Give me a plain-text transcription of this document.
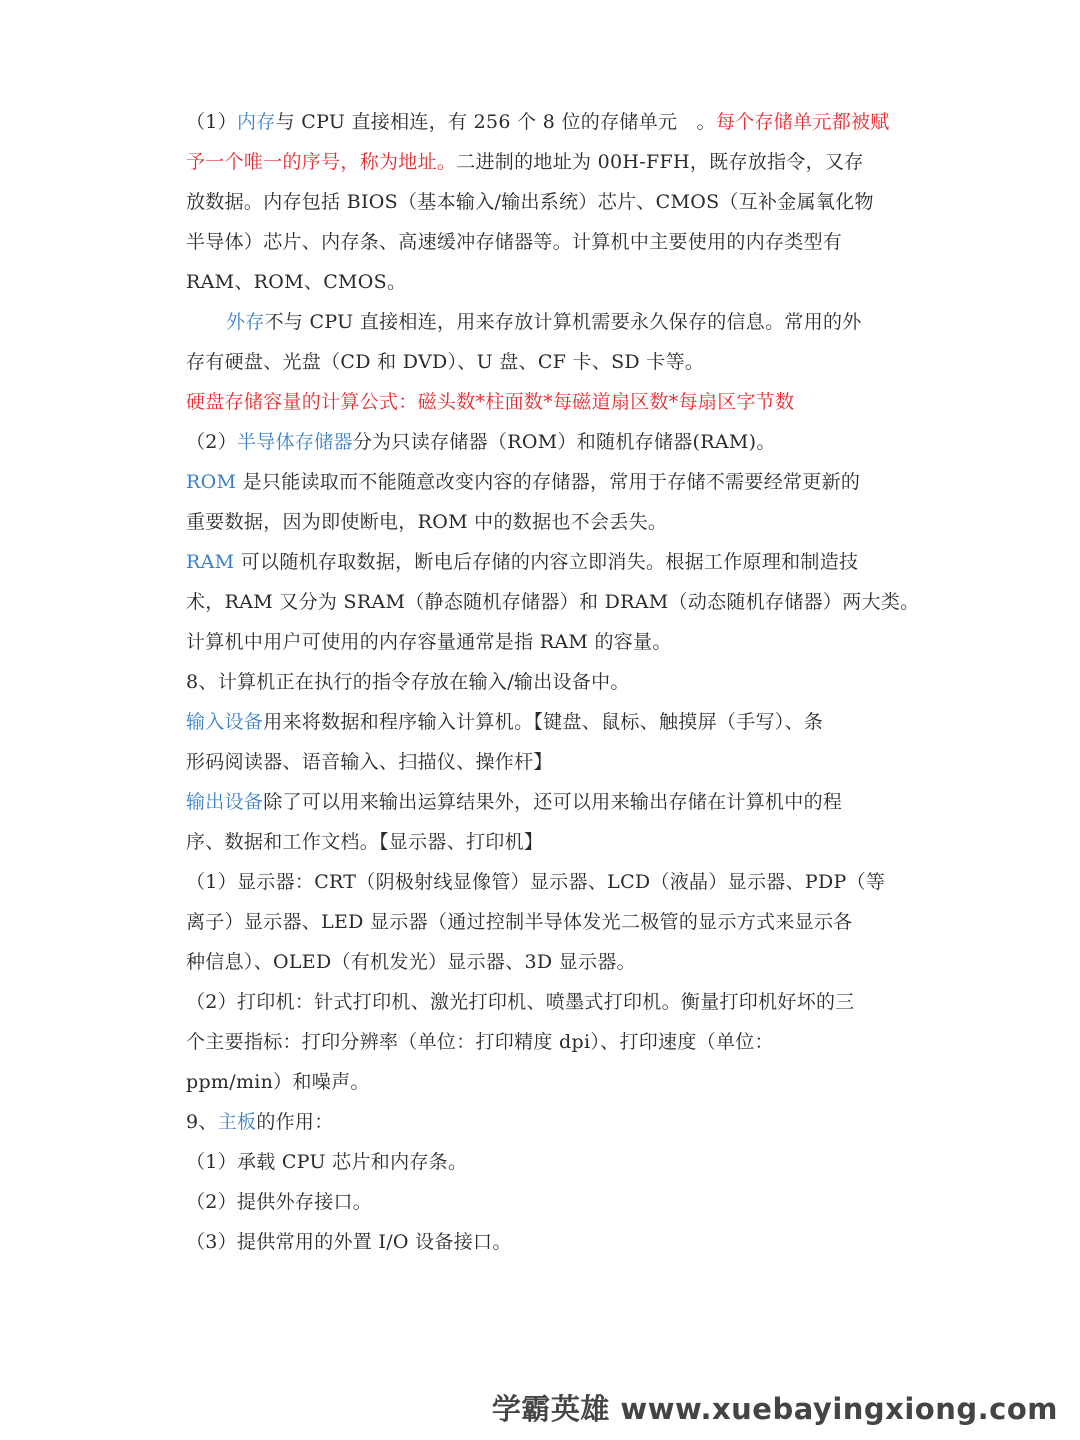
（1）内存与 CPU 直接相连，有 256 个 8 位的存储单元　。每个存储单元都被赋
予一个唯一的序号，称为地址。二进制的地址为 00H-FFH，既存放指令，又存
放数据。内存包括 BIOS（基本输入/输出系统）芯片、CMOS（互补金属氧化物
半导体）芯片、内存条、高速缓冲存储器等。计算机中主要使用的内存类型有
RAM、ROM、CMOS。
外存不与 CPU 直接相连，用来存放计算机需要永久保存的信息。常用的外
存有硬盘、光盘（CD 和 DVD）、U 盘、CF 卡、SD 卡等。
硬盘存储容量的计算公式：磁头数*柱面数*每磁道扇区数*每扇区字节数
（2）半导体存储器分为只读存储器（ROM）和随机存储器(RAM)。
ROM 是只能读取而不能随意改变内容的存储器，常用于存储不需要经常更新的
重要数据，因为即使断电，ROM 中的数据也不会丢失。
RAM 可以随机存取数据，断电后存储的内容立即消失。根据工作原理和制造技
术，RAM 又分为 SRAM（静态随机存储器）和 DRAM（动态随机存储器）两大类。
计算机中用户可使用的内存容量通常是指 RAM 的容量。
8、计算机正在执行的指令存放在输入/输出设备中。
输入设备用来将数据和程序输入计算机。【键盘、鼠标、触摸屏（手写）、条
形码阅读器、语音输入、扫描仪、操作杆】
输出设备除了可以用来输出运算结果外，还可以用来输出存储在计算机中的程
序、数据和工作文档。【显示器、打印机】
（1）显示器：CRT（阴极射线显像管）显示器、LCD（液晶）显示器、PDP（等
离子）显示器、LED 显示器（通过控制半导体发光二极管的显示方式来显示各
种信息）、OLED（有机发光）显示器、3D 显示器。
（2）打印机：针式打印机、激光打印机、喷墨式打印机。衡量打印机好坏的三
个主要指标：打印分辨率（单位：打印精度 dpi）、打印速度（单位：
ppm/min）和噪声。
9、主板的作用：
（1）承载 CPU 芯片和内存条。
（2）提供外存接口。
（3）提供常用的外置 I/O 设备接口。
学霸英雄 www.xuebayingxiong.com
